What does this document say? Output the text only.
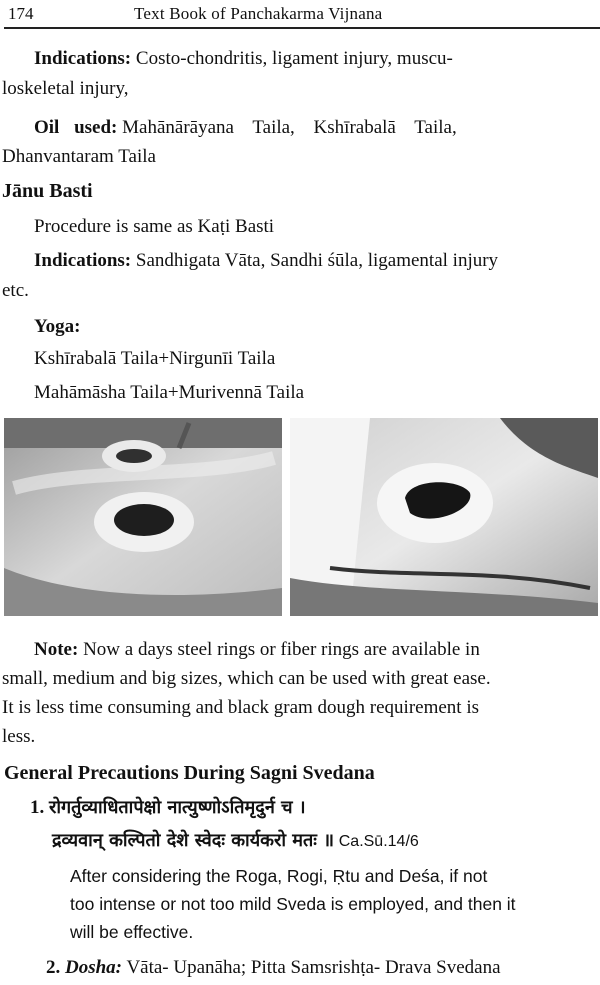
174	Text Book of Panchakarma Vijnana
Indications: Costo-chondritis, ligament injury, muscu-
loskeletal injury,
Oil used: Mahānārāyana Taila, Kshīrabalā Taila,
Dhanvantaram Taila
Jānu Basti
Procedure is same as Kaṭi Basti
Indications: Sandhigata Vāta, Sandhi śūla, ligamental injury
etc.
Yoga:
Kshīrabalā Taila+Nirgunīi Taila
Mahāmāsha Taila+Murivennā Taila
Note: Now a days steel rings or fiber rings are available in
small, medium and big sizes, which can be used with great ease.
It is less time consuming and black gram dough requirement is
less.
General Precautions During Sagni Svedana
1. रोगर्तुव्याधितापेक्षो नात्युष्णोऽतिमृदुर्न च ।
द्रव्यवान् कल्पितो देशे स्वेदः कार्यकरो मतः ॥ Ca.Sū.14/6
After considering the Roga, Rogi, Ṛtu and Deśa, if not
too intense or not too mild Sveda is employed, and then it
will be effective.
2. Dosha: Vāta- Upanāha; Pitta Samsrishṭa- Drava Svedana
